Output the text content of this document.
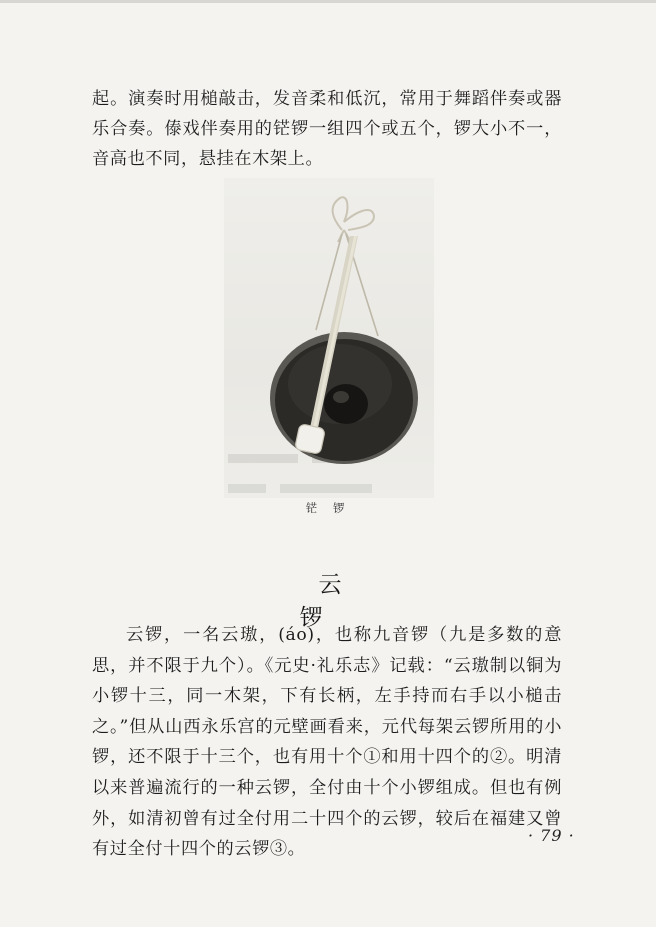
起。演奏时用槌敲击，发音柔和低沉，常用于舞蹈伴奏或器乐合奏。傣戏伴奏用的铓锣一组四个或五个，锣大小不一，音高也不同，悬挂在木架上。

铓 锣
云 锣

云锣，一名云璈，(áo)，也称九音锣（九是多数的意思，并不限于九个）。《元史·礼乐志》记载：“云璈制以铜为小锣十三，同一木架，下有长柄，左手持而右手以小槌击之。”但从山西永乐宫的元壁画看来，元代每架云锣所用的小锣，还不限于十三个，也有用十个①和用十四个的②。明清以来普遍流行的一种云锣，全付由十个小锣组成。但也有例外，如清初曾有过全付用二十四个的云锣，较后在福建又曾有过全付十四个的云锣③。

· 79 ·
